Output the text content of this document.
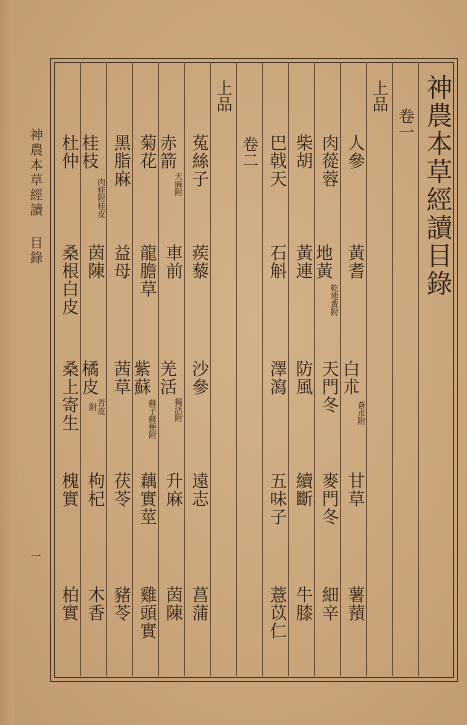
神農本草經讀
目錄
一
神農本草經讀目錄
卷一
上品
人參
黃耆
白朮
蒼朮附
甘草
薯蕷
肉蓯蓉
地黃
乾地黃附
天門冬
麥門冬
細辛
柴胡
黃連
防風
續斷
牛膝
巴戟天
石斛
澤瀉
五味子
薏苡仁
卷二
上品
菟絲子
蒺藜
沙參
遠志
菖蒲
赤箭
天麻附
車前
羌活
獨活附
升麻
茵陳
菊花
龍膽草
紫蘇
蘇子蘇梗附
藕實莖
雞頭實
黑脂麻
益母
茜草
茯苓
豬苓
桂枝
肉桂附桂皮
茵陳
橘皮
青皮附
枸杞
木香
杜仲
桑根白皮
桑上寄生
槐實
柏實
